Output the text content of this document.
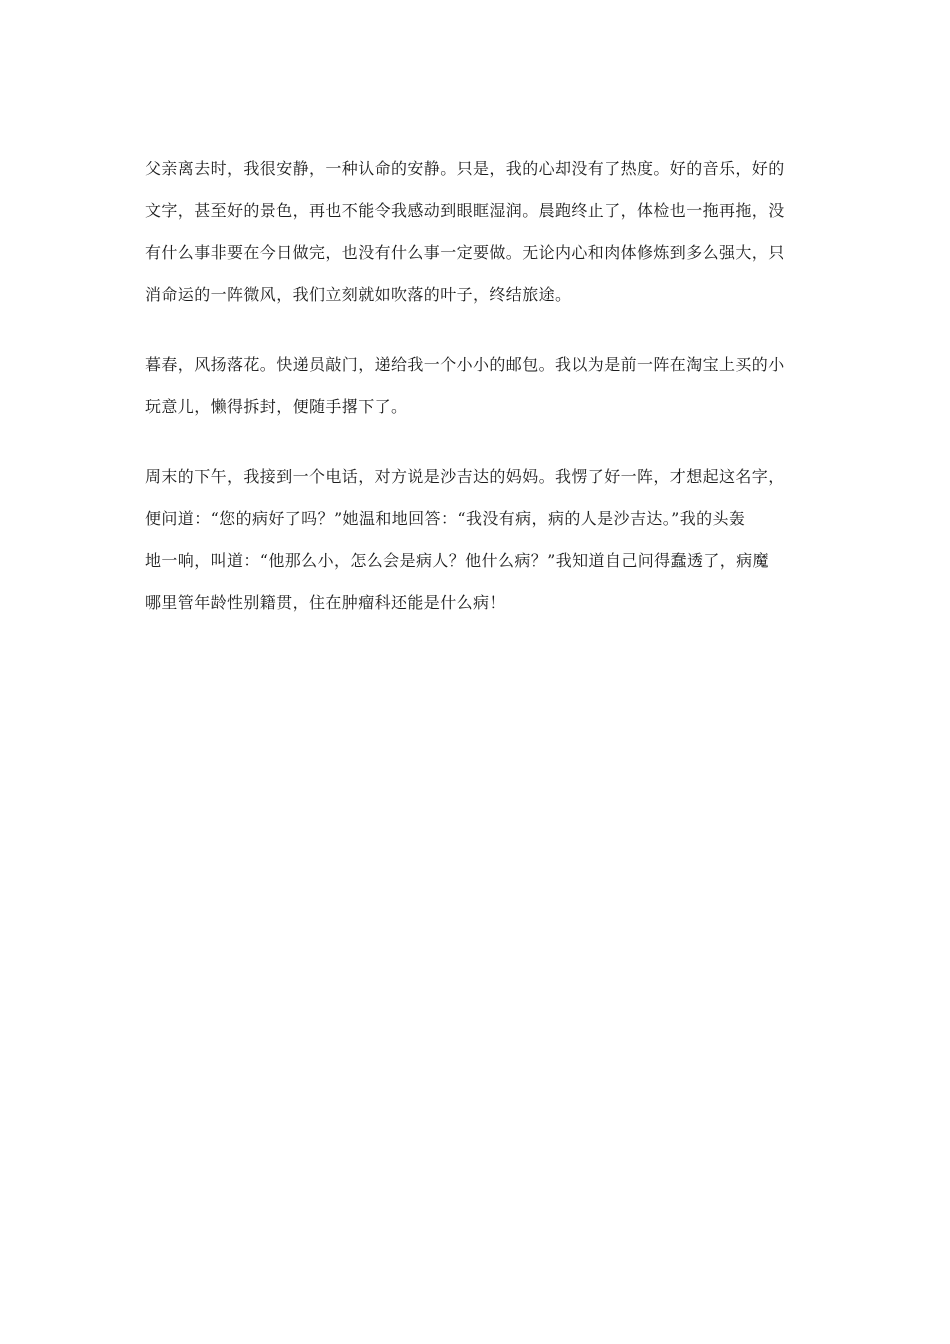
父亲离去时，我很安静，一种认命的安静。只是，我的心却没有了热度。好的音乐，好的

文字，甚至好的景色，再也不能令我感动到眼眶湿润。晨跑终止了，体检也一拖再拖，没

有什么事非要在今日做完，也没有什么事一定要做。无论内心和肉体修炼到多么强大，只

消命运的一阵微风，我们立刻就如吹落的叶子，终结旅途。

暮春，风扬落花。快递员敲门，递给我一个小小的邮包。我以为是前一阵在淘宝上买的小

玩意儿，懒得拆封，便随手撂下了。

周末的下午，我接到一个电话，对方说是沙吉达的妈妈。我愣了好一阵，才想起这名字，

便问道：“您的病好了吗？”她温和地回答：“我没有病，病的人是沙吉达。”我的头轰

地一响，叫道：“他那么小，怎么会是病人？他什么病？”我知道自己问得蠢透了，病魔

哪里管年龄性别籍贯，住在肿瘤科还能是什么病！
